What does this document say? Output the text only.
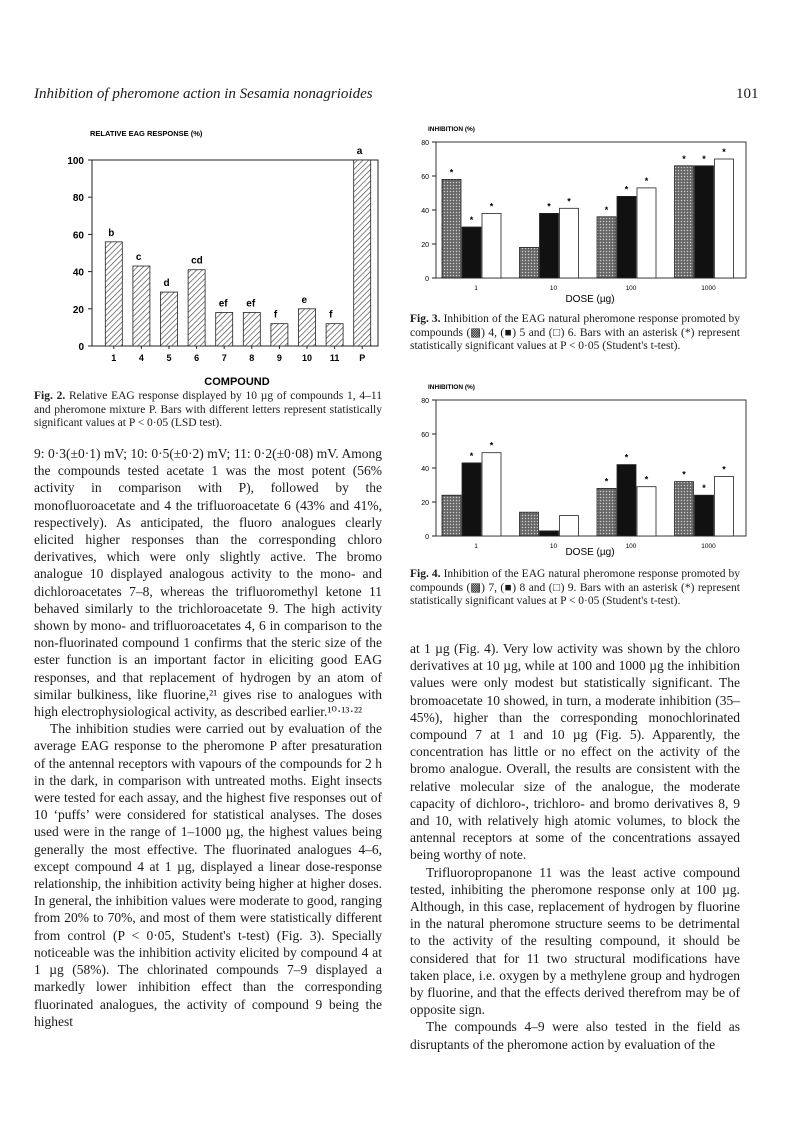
Inhibition of pheromone action in Sesamia nonagrioides	101
RELATIVE EAG RESPONSE (%)
COMPOUND
0
20
40
60
80
100
b
1
c
4
d
5
cd
6
ef
7
ef
8
f
9
e
10
f
11
a
P
Fig. 2. Relative EAG response displayed by 10 µg of compounds 1, 4–11 and pheromone mixture P. Bars with different letters represent statistically significant values at P < 0·05 (LSD test).
INHIBITION (%)
DOSE (µg)
0
20
40
60
80
*
*
*
1
*
*
10
*
*
*
100
* *
*
1000
Fig. 3. Inhibition of the EAG natural pheromone response promoted by compounds (▩) 4, (■) 5 and (□) 6. Bars with an asterisk (*) represent statistically significant values at P < 0·05 (Student's t-test).
INHIBITION (%)
DOSE (µg)
0
20
40
60
80
*
*
1	10
*
*
*
100
*
*
*
1000
Fig. 4. Inhibition of the EAG natural pheromone response promoted by compounds (▩) 7, (■) 8 and (□) 9. Bars with an asterisk (*) represent statistically significant values at P < 0·05 (Student's t-test).

9: 0·3(±0·1) mV; 10: 0·5(±0·2) mV; 11: 0·2(±0·08) mV. Among the compounds tested acetate 1 was the most potent (56% activity in comparison with P), followed by the monofluoroacetate and 4 the trifluoroacetate 6 (43% and 41%, respectively). As anticipated, the fluoro analogues clearly elicited higher responses than the corresponding chloro derivatives, which were only slightly active. The bromo analogue 10 displayed analogous activity to the mono- and dichloroacetates 7–8, whereas the trifluoromethyl ketone 11 behaved similarly to the trichloroacetate 9. The high activity shown by mono- and trifluoroacetates 4, 6 in comparison to the non-fluorinated compound 1 confirms that the steric size of the ester function is an important factor in eliciting good EAG responses, and that replacement of hydrogen by an atom of similar bulkiness, like fluorine,²¹ gives rise to analogues with high electrophysiological activity, as described earlier.¹⁰·¹³·²²

The inhibition studies were carried out by evaluation of the average EAG response to the pheromone P after presaturation of the antennal receptors with vapours of the compounds for 2 h in the dark, in comparison with untreated moths. Eight insects were tested for each assay, and the highest five responses out of 10 ‘puffs’ were considered for statistical analyses. The doses used were in the range of 1–1000 µg, the highest values being generally the most effective. The fluorinated analogues 4–6, except compound 4 at 1 µg, displayed a linear dose-response relationship, the inhibition activity being higher at higher doses. In general, the inhibition values were moderate to good, ranging from 20% to 70%, and most of them were statistically different from control (P < 0·05, Student's t-test) (Fig. 3). Specially noticeable was the inhibition activity elicited by compound 4 at 1 µg (58%). The chlorinated compounds 7–9 displayed a markedly lower inhibition effect than the corresponding fluorinated analogues, the activity of compound 9 being the highest

at 1 µg (Fig. 4). Very low activity was shown by the chloro derivatives at 10 µg, while at 100 and 1000 µg the inhibition values were only modest but statistically significant. The bromoacetate 10 showed, in turn, a moderate inhibition (35–45%), higher than the corresponding monochlorinated compound 7 at 1 and 10 µg (Fig. 5). Apparently, the concentration has little or no effect on the activity of the bromo analogue. Overall, the results are consistent with the relative molecular size of the analogue, the moderate capacity of dichloro-, trichloro- and bromo derivatives 8, 9 and 10, with relatively high atomic volumes, to block the antennal receptors at some of the concentrations assayed being worthy of note.

Trifluoropropanone 11 was the least active compound tested, inhibiting the pheromone response only at 100 µg. Although, in this case, replacement of hydrogen by fluorine in the natural pheromone structure seems to be detrimental to the activity of the resulting compound, it should be considered that for 11 two structural modifications have taken place, i.e. oxygen by a methylene group and hydrogen by fluorine, and that the effects derived therefrom may be of opposite sign.

The compounds 4–9 were also tested in the field as disruptants of the pheromone action by evaluation of the
